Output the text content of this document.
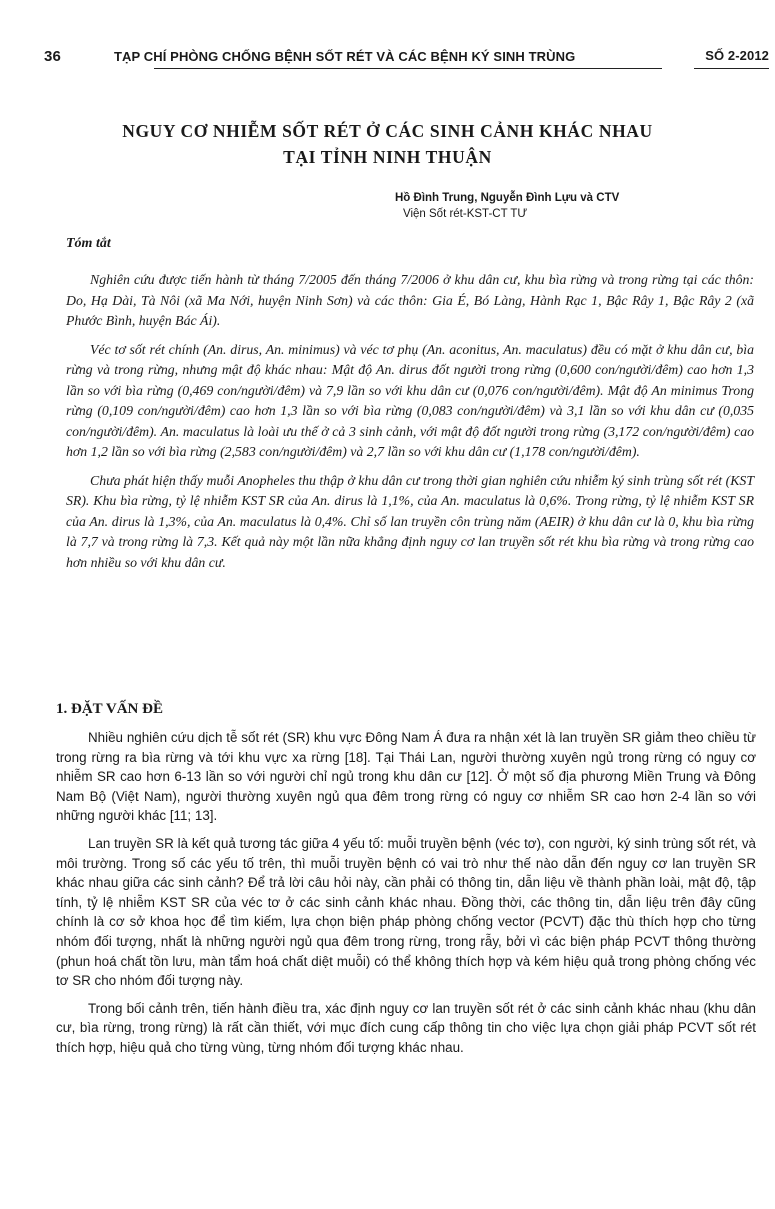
36	TẠP CHÍ PHÒNG CHỐNG BỆNH SỐT RÉT VÀ CÁC BỆNH KÝ SINH TRÙNG	SỐ 2-2012
NGUY CƠ NHIỄM SỐT RÉT Ở CÁC SINH CẢNH KHÁC NHAU
TẠI TỈNH NINH THUẬN
Hồ Đình Trung, Nguyễn Đình Lựu và CTV
Viện Sốt rét-KST-CT TƯ
Tóm tắt

Nghiên cứu được tiến hành từ tháng 7/2005 đến tháng 7/2006 ở khu dân cư, khu bìa rừng và trong rừng tại các thôn: Do, Hạ Dài, Tà Nôi (xã Ma Nới, huyện Ninh Sơn) và các thôn: Gia É, Bó Làng, Hành Rạc 1, Bậc Rây 1, Bậc Rây 2 (xã Phước Bình, huyện Bác Ái).

Véc tơ sốt rét chính (An. dirus, An. minimus) và véc tơ phụ (An. aconitus, An. maculatus) đều có mặt ở khu dân cư, bìa rừng và trong rừng, nhưng mật độ khác nhau: Mật độ An. dirus đốt người trong rừng (0,600 con/người/đêm) cao hơn 1,3 lần so với bìa rừng (0,469 con/người/đêm) và 7,9 lần so với khu dân cư (0,076 con/người/đêm). Mật độ An minimus Trong rừng (0,109 con/người/đêm) cao hơn 1,3 lần so với bìa rừng (0,083 con/người/đêm) và 3,1 lần so với khu dân cư (0,035 con/người/đêm). An. maculatus là loài ưu thế ở cả 3 sinh cảnh, với mật độ đốt người trong rừng (3,172 con/người/đêm) cao hơn 1,2 lần so với bìa rừng (2,583 con/người/đêm) và 2,7 lần so với khu dân cư (1,178 con/người/đêm).

Chưa phát hiện thấy muỗi Anopheles thu thập ở khu dân cư trong thời gian nghiên cứu nhiễm ký sinh trùng sốt rét (KST SR). Khu bìa rừng, tỷ lệ nhiễm KST SR của An. dirus là 1,1%, của An. maculatus là 0,6%. Trong rừng, tỷ lệ nhiễm KST SR của An. dirus là 1,3%, của An. maculatus là 0,4%. Chỉ số lan truyền côn trùng năm (AEIR) ở khu dân cư là 0, khu bìa rừng là 7,7 và trong rừng là 7,3. Kết quả này một lần nữa khẳng định nguy cơ lan truyền sốt rét khu bìa rừng và trong rừng cao hơn nhiều so với khu dân cư.

1. ĐẶT VẤN ĐỀ

Nhiều nghiên cứu dịch tễ sốt rét (SR) khu vực Đông Nam Á đưa ra nhận xét là lan truyền SR giảm theo chiều từ trong rừng ra bìa rừng và tới khu vực xa rừng [18]. Tại Thái Lan, người thường xuyên ngủ trong rừng có nguy cơ nhiễm SR cao hơn 6-13 lần so với người chỉ ngủ trong khu dân cư [12]. Ở một số địa phương Miền Trung và Đông Nam Bộ (Việt Nam), người thường xuyên ngủ qua đêm trong rừng có nguy cơ nhiễm SR cao hơn 2-4 lần so với những người khác [11; 13].

Lan truyền SR là kết quả tương tác giữa 4 yếu tố: muỗi truyền bệnh (véc tơ), con người, ký sinh trùng sốt rét, và môi trường. Trong số các yếu tố trên, thì muỗi truyền bệnh có vai trò như thế nào dẫn đến nguy cơ lan truyền SR khác nhau giữa các sinh cảnh? Để trả lời câu hỏi này, cần phải có thông tin, dẫn liệu về thành phần loài, mật độ, tập tính, tỷ lệ nhiễm KST SR của véc tơ ở các sinh cảnh khác nhau. Đồng thời, các thông tin, dẫn liệu trên đây cũng chính là cơ sở khoa học để tìm kiếm, lựa chọn biện pháp phòng chống vector (PCVT) đặc thù thích hợp cho từng nhóm đối tượng, nhất là những người ngủ qua đêm trong rừng, trong rẫy, bởi vì các biện pháp PCVT thông thường (phun hoá chất tồn lưu, màn tẩm hoá chất diệt muỗi) có thể không thích hợp và kém hiệu quả trong phòng chống véc tơ SR cho nhóm đối tượng này.

Trong bối cảnh trên, tiến hành điều tra, xác định nguy cơ lan truyền sốt rét ở các sinh cảnh khác nhau (khu dân cư, bìa rừng, trong rừng) là rất cần thiết, với mục đích cung cấp thông tin cho việc lựa chọn giải pháp PCVT sốt rét thích hợp, hiệu quả cho từng vùng, từng nhóm đối tượng khác nhau.
